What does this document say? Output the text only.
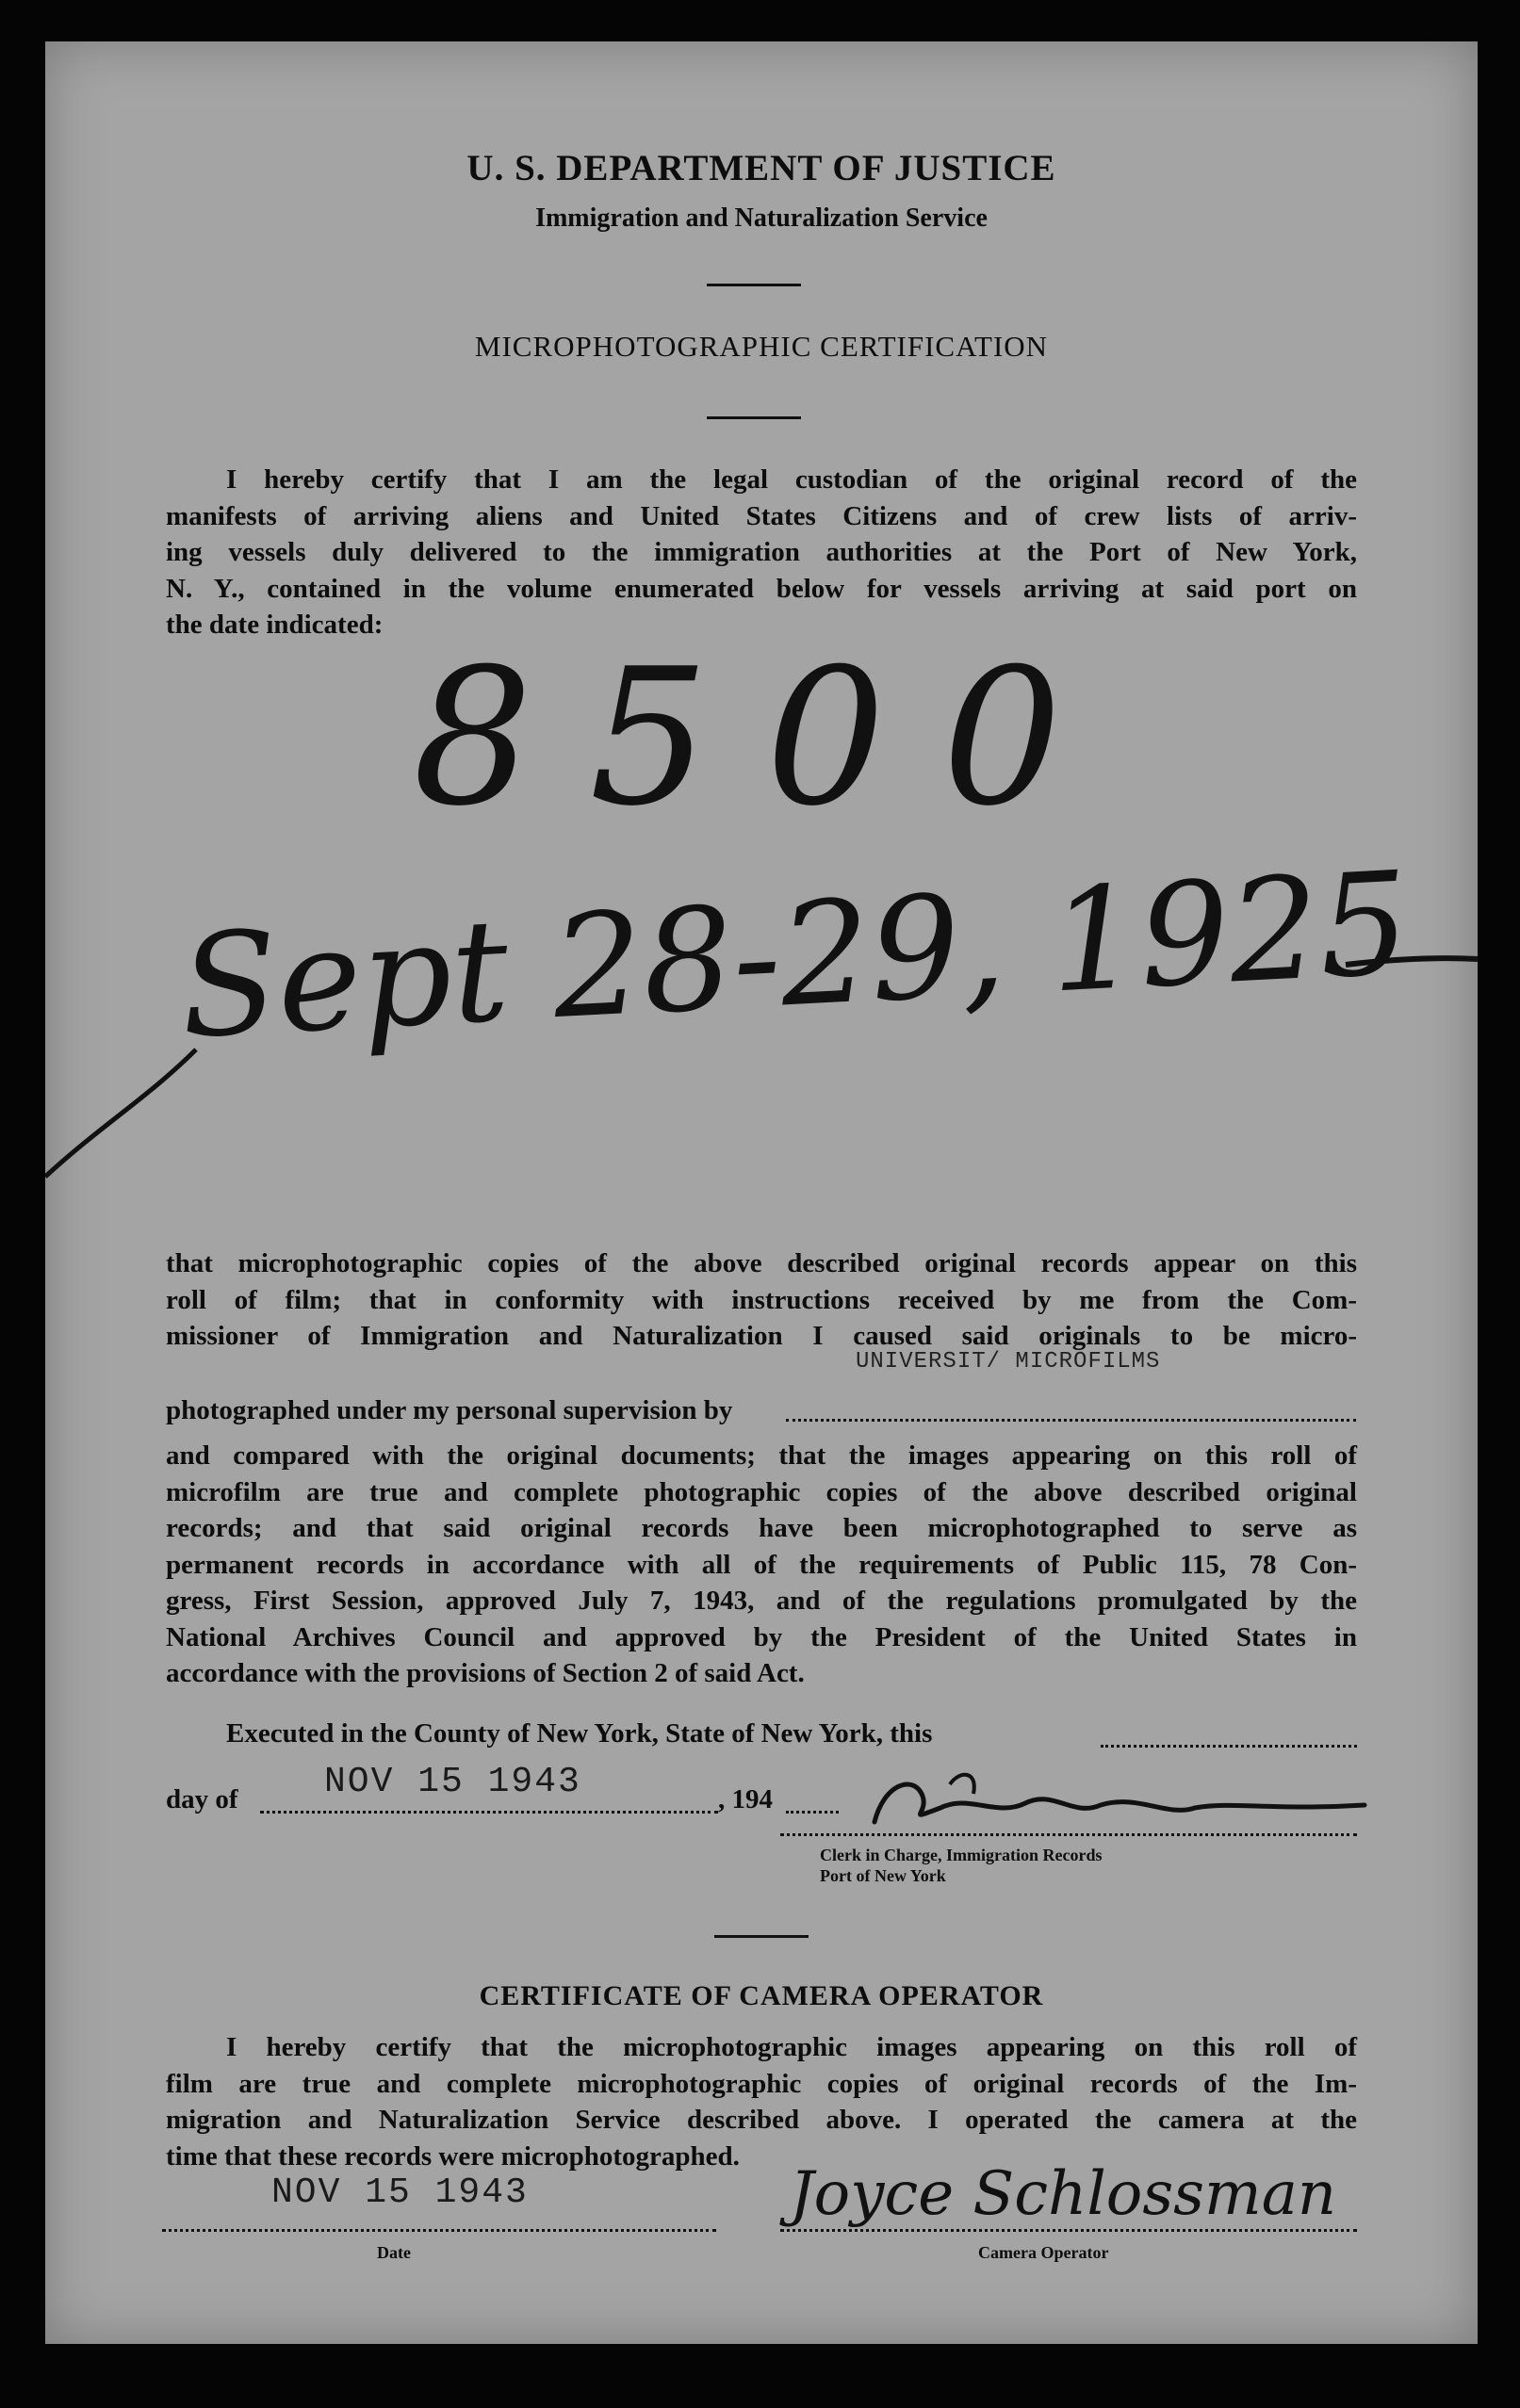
U. S. DEPARTMENT OF JUSTICE
Immigration and Naturalization Service
MICROPHOTOGRAPHIC CERTIFICATION
I hereby certify that I am the legal custodian of the original record of the
manifests of arriving aliens and United States Citizens and of crew lists of arriv-
ing vessels duly delivered to the immigration authorities at the Port of New York,
N. Y., contained in the volume enumerated below for vessels arriving at said port on
the date indicated:
8500
Sept 28-29, 1925
that microphotographic copies of the above described original records appear on this
roll of film; that in conformity with instructions received by me from the Com-
missioner of Immigration and Naturalization I caused said originals to be micro-
photographed under my personal supervision by
UNIVERSIT/ MICROFILMS
and compared with the original documents; that the images appearing on this roll of
microfilm are true and complete photographic copies of the above described original
records; and that said original records have been microphotographed to serve as
permanent records in accordance with all of the requirements of Public 115, 78 Con-
gress, First Session, approved July 7, 1943, and of the regulations promulgated by the
National Archives Council and approved by the President of the United States in
accordance with the provisions of Section 2 of said Act.
Executed in the County of New York, State of New York, this
day of NOV 15 1943	, 194
Clerk in Charge, Immigration Records
Port of New York
CERTIFICATE OF CAMERA OPERATOR
I hereby certify that the microphotographic images appearing on this roll of
film are true and complete microphotographic copies of original records of the Im-
migration and Naturalization Service described above. I operated the camera at the
time that these records were microphotographed.
NOV 15 1943
Date
Joyce Schlossman
Camera Operator
